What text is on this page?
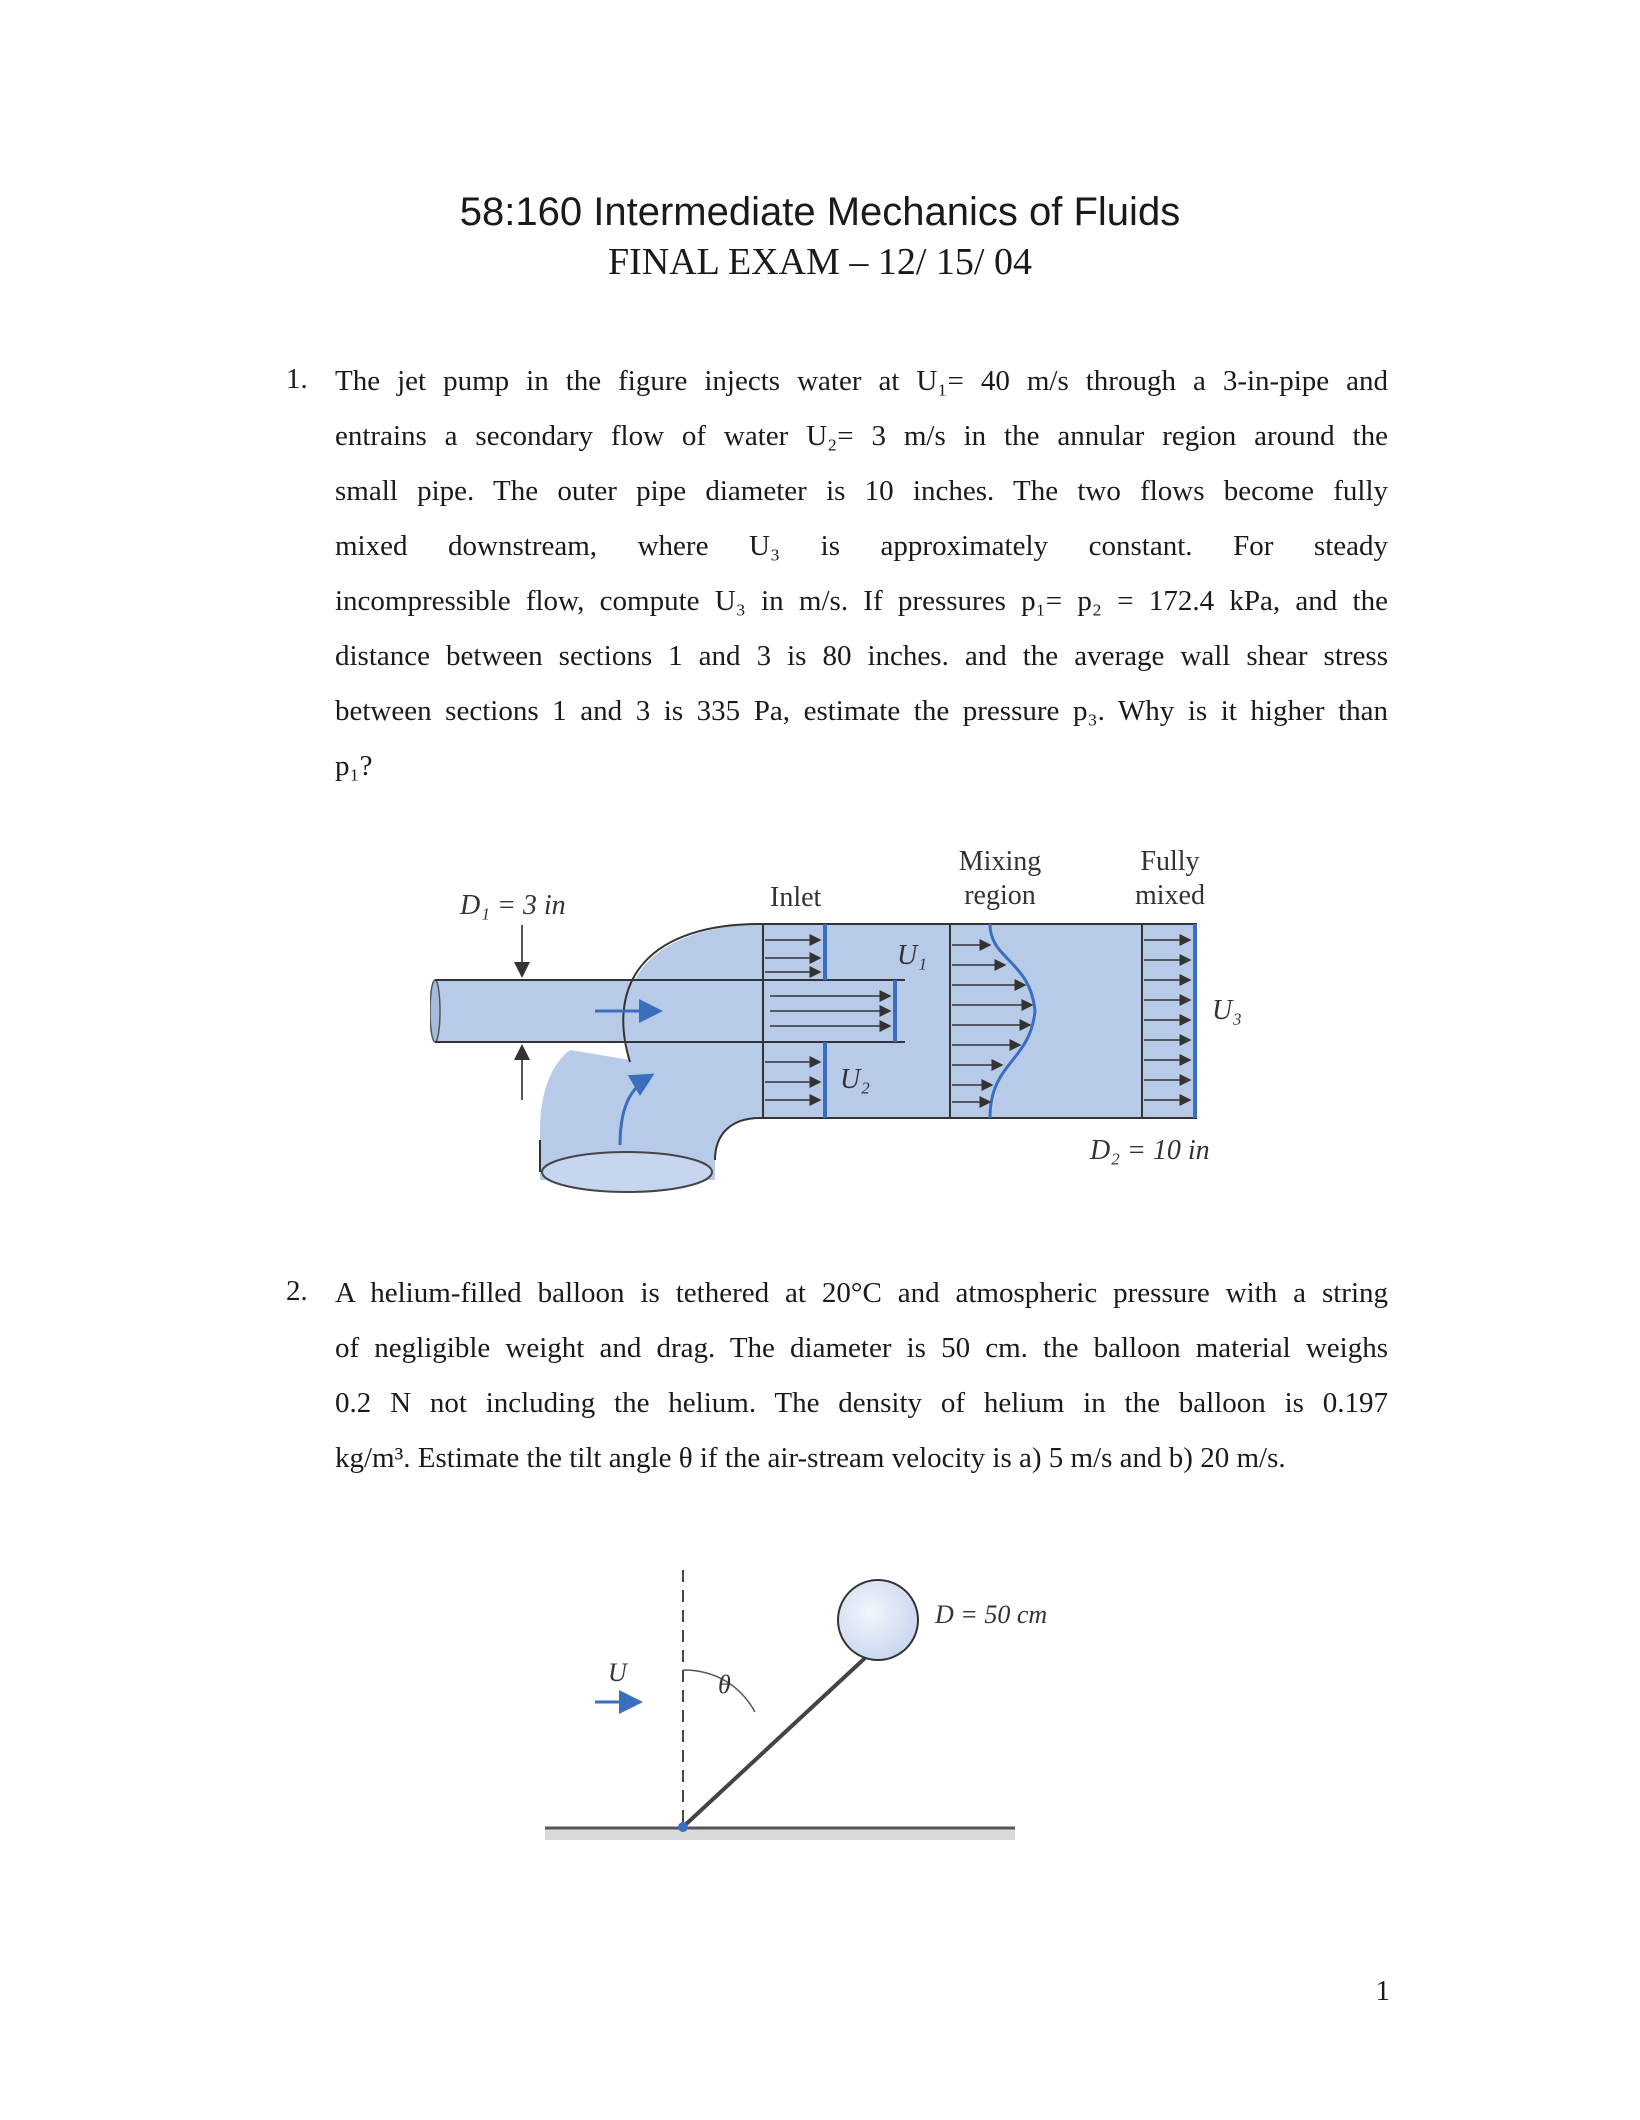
58:160 Intermediate Mechanics of Fluids
FINAL EXAM – 12/ 15/ 04
1. The jet pump in the figure injects water at U₁= 40 m/s through a 3-in-pipe and
entrains a secondary flow of water U₂= 3 m/s in the annular region around the
small pipe. The outer pipe diameter is 10 inches. The two flows become fully
mixed downstream, where U₃ is approximately constant. For steady
incompressible flow, compute U₃ in m/s. If pressures p₁= p₂ = 172.4 kPa, and the
distance between sections 1 and 3 is 80 inches. and the average wall shear stress
between sections 1 and 3 is 335 Pa, estimate the pressure p₃. Why is it higher than
p₁?
D₁ = 3 in	Inlet
Mixing
region
Fully
mixed
U₁
U₂
U₃
D₂ = 10 in
2. A helium-filled balloon is tethered at 20°C and atmospheric pressure with a string
of negligible weight and drag. The diameter is 50 cm. the balloon material weighs
0.2 N not including the helium. The density of helium in the balloon is 0.197
kg/m³. Estimate the tilt angle θ if the air-stream velocity is a) 5 m/s and b) 20 m/s.
D = 50 cm
U	θ
1
